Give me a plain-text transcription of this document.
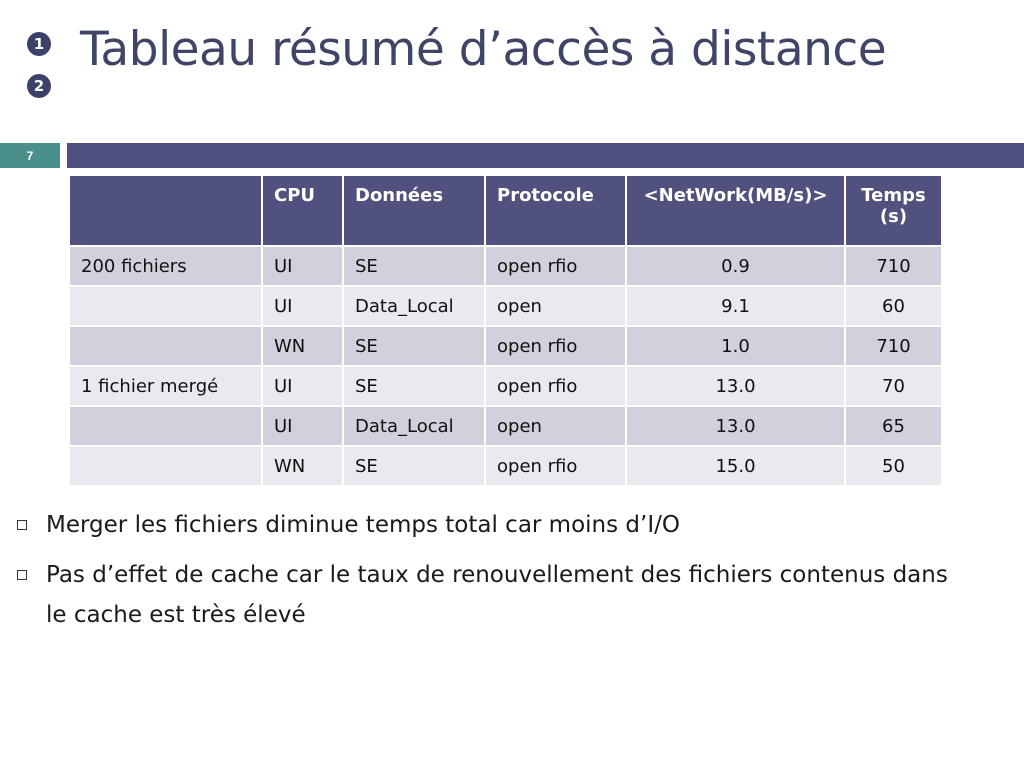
1
2
Tableau résumé d’accès à distance
7
	CPU	Données	Protocole	<NetWork(MB/s)>	Temps (s)
200 fichiers	UI	SE	open rfio	0.9	710
	UI	Data_Local	open	9.1	60
	WN	SE	open rfio	1.0	710
1 fichier mergé	UI	SE	open rfio	13.0	70
	UI	Data_Local	open	13.0	65
	WN	SE	open rfio	15.0	50
Merger les fichiers diminue temps total car moins d’I/O
Pas d’effet de cache car le taux de renouvellement des fichiers contenus dans le cache est très élevé
